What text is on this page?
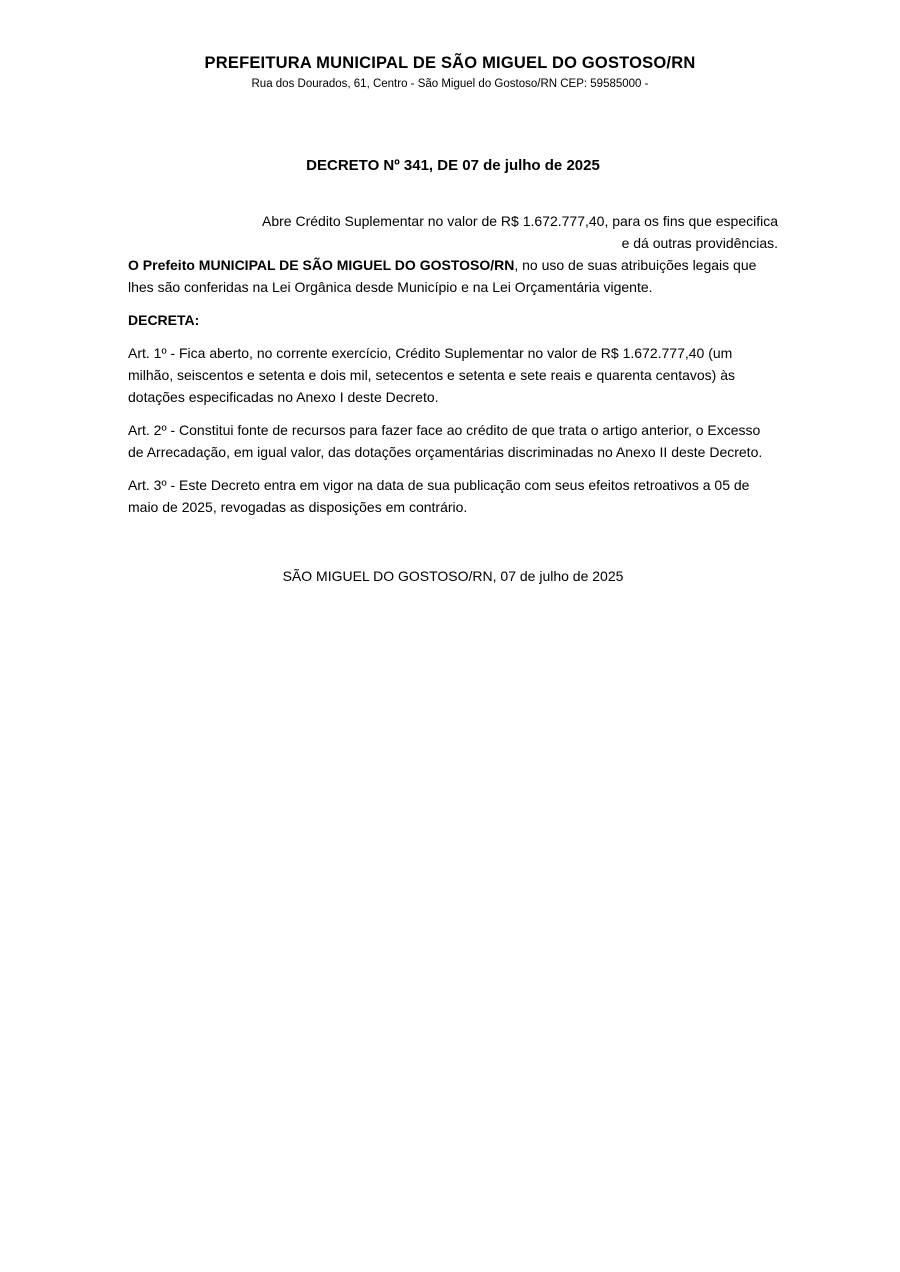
PREFEITURA MUNICIPAL DE SÃO MIGUEL DO GOSTOSO/RN
Rua dos Dourados, 61, Centro - São Miguel do Gostoso/RN CEP: 59585000 -
DECRETO Nº 341, DE 07 de julho de 2025

Abre Crédito Suplementar no valor de R$ 1.672.777,40, para os fins que especifica e dá outras providências.

O Prefeito MUNICIPAL DE SÃO MIGUEL DO GOSTOSO/RN, no uso de suas atribuições legais que lhes são conferidas na Lei Orgânica desde Município e na Lei Orçamentária vigente.

DECRETA:

Art. 1º - Fica aberto, no corrente exercício, Crédito Suplementar no valor de R$ 1.672.777,40 (um milhão, seiscentos e setenta e dois mil, setecentos e setenta e sete reais e quarenta centavos) às dotações especificadas no Anexo I deste Decreto.

Art. 2º - Constitui fonte de recursos para fazer face ao crédito de que trata o artigo anterior, o Excesso de Arrecadação, em igual valor, das dotações orçamentárias discriminadas no Anexo II deste Decreto.

Art. 3º - Este Decreto entra em vigor na data de sua publicação com seus efeitos retroativos a 05 de maio de 2025, revogadas as disposições em contrário.

SÃO MIGUEL DO GOSTOSO/RN, 07 de julho de 2025
